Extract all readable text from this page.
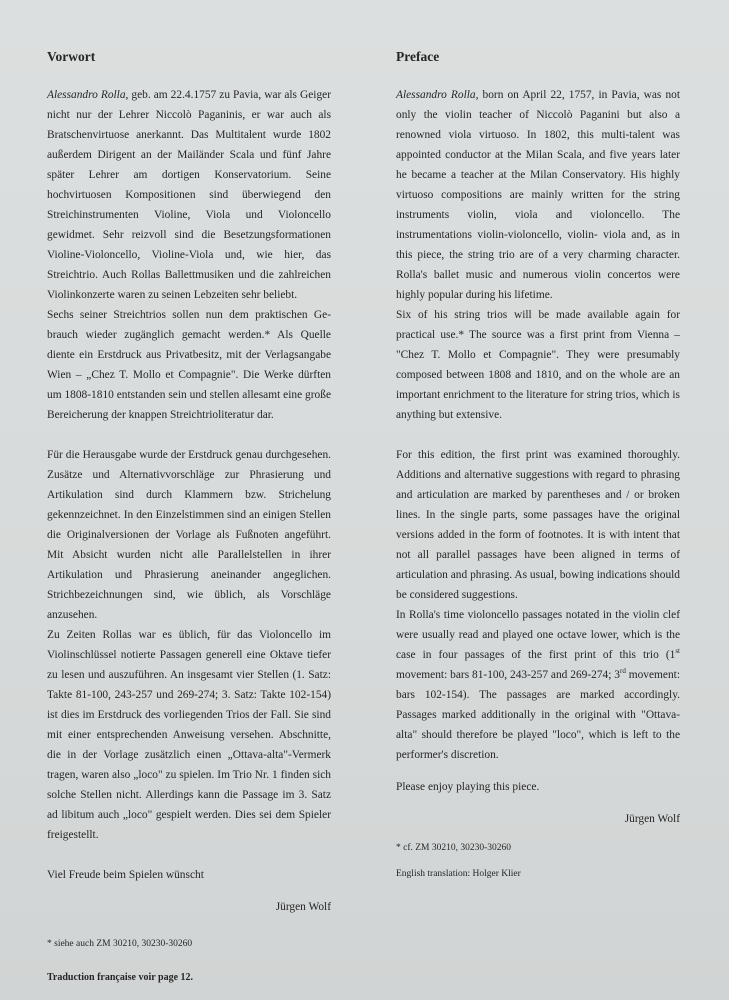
Vorwort

Alessandro Rolla, geb. am 22.4.1757 zu Pavia, war als Geiger nicht nur der Lehrer Niccolò Paganinis, er war auch als Bratschenvirtuose anerkannt. Das Multitalent wurde 1802 außerdem Dirigent an der Mailänder Scala und fünf Jahre später Lehrer am dortigen Konservatorium. Seine hochvirtuosen Kompositionen sind überwiegend den Streichinstrumenten Violine, Viola und Violoncello gewidmet. Sehr reizvoll sind die Besetzungsformationen Violine-Violoncello, Violine-Viola und, wie hier, das Streichtrio. Auch Rollas Ballettmusiken und die zahlreichen Violinkonzerte waren zu seinen Lebzeiten sehr beliebt.

Sechs seiner Streichtrios sollen nun dem praktischen Ge-brauch wieder zugänglich gemacht werden.* Als Quelle diente ein Erstdruck aus Privatbesitz, mit der Verlagsangabe Wien – „Chez T. Mollo et Compagnie". Die Werke dürften um 1808-1810 entstanden sein und stellen allesamt eine große Bereicherung der knappen Streichtrioliteratur dar.

Für die Herausgabe wurde der Erstdruck genau durchgesehen. Zusätze und Alternativvorschläge zur Phrasierung und Artikulation sind durch Klammern bzw. Strichelung gekennzeichnet. In den Einzelstimmen sind an einigen Stellen die Originalversionen der Vorlage als Fußnoten angeführt. Mit Absicht wurden nicht alle Parallelstellen in ihrer Artikulation und Phrasierung aneinander angeglichen. Strichbezeichnungen sind, wie üblich, als Vorschläge anzusehen.

Zu Zeiten Rollas war es üblich, für das Violoncello im Violinschlüssel notierte Passagen generell eine Oktave tiefer zu lesen und auszuführen. An insgesamt vier Stellen (1. Satz: Takte 81-100, 243-257 und 269-274; 3. Satz: Takte 102-154) ist dies im Erstdruck des vorliegenden Trios der Fall. Sie sind mit einer entsprechenden Anweisung versehen. Abschnitte, die in der Vorlage zusätzlich einen „Ottava-alta"-Vermerk tragen, waren also „loco" zu spielen. Im Trio Nr. 1 finden sich solche Stellen nicht. Allerdings kann die Passage im 3. Satz ad libitum auch „loco" gespielt werden. Dies sei dem Spieler freigestellt.

Viel Freude beim Spielen wünscht

Jürgen Wolf

* siehe auch ZM 30210, 30230-30260

Traduction française voir page 12.

Preface

Alessandro Rolla, born on April 22, 1757, in Pavia, was not only the violin teacher of Niccolò Paganini but also a renowned viola virtuoso. In 1802, this multi-talent was appointed conductor at the Milan Scala, and five years later he became a teacher at the Milan Conservatory. His highly virtuoso compositions are mainly written for the string instruments violin, viola and violoncello. The instrumentations violin-violoncello, violin- viola and, as in this piece, the string trio are of a very charming character. Rolla's ballet music and numerous violin concertos were highly popular during his lifetime.

Six of his string trios will be made available again for practical use.* The source was a first print from Vienna – "Chez T. Mollo et Compagnie". They were presumably composed between 1808 and 1810, and on the whole are an important enrichment to the literature for string trios, which is anything but extensive.

For this edition, the first print was examined thoroughly. Additions and alternative suggestions with regard to phrasing and articulation are marked by parentheses and / or broken lines. In the single parts, some passages have the original versions added in the form of footnotes. It is with intent that not all parallel passages have been aligned in terms of articulation and phrasing. As usual, bowing indications should be considered suggestions.

In Rolla's time violoncello passages notated in the violin clef were usually read and played one octave lower, which is the case in four passages of the first print of this trio (1st movement: bars 81-100, 243-257 and 269-274; 3rd movement: bars 102-154). The passages are marked accordingly. Passages marked additionally in the original with "Ottava-alta" should therefore be played "loco", which is left to the performer's discretion.

Please enjoy playing this piece.

Jürgen Wolf

* cf. ZM 30210, 30230-30260

English translation: Holger Klier
